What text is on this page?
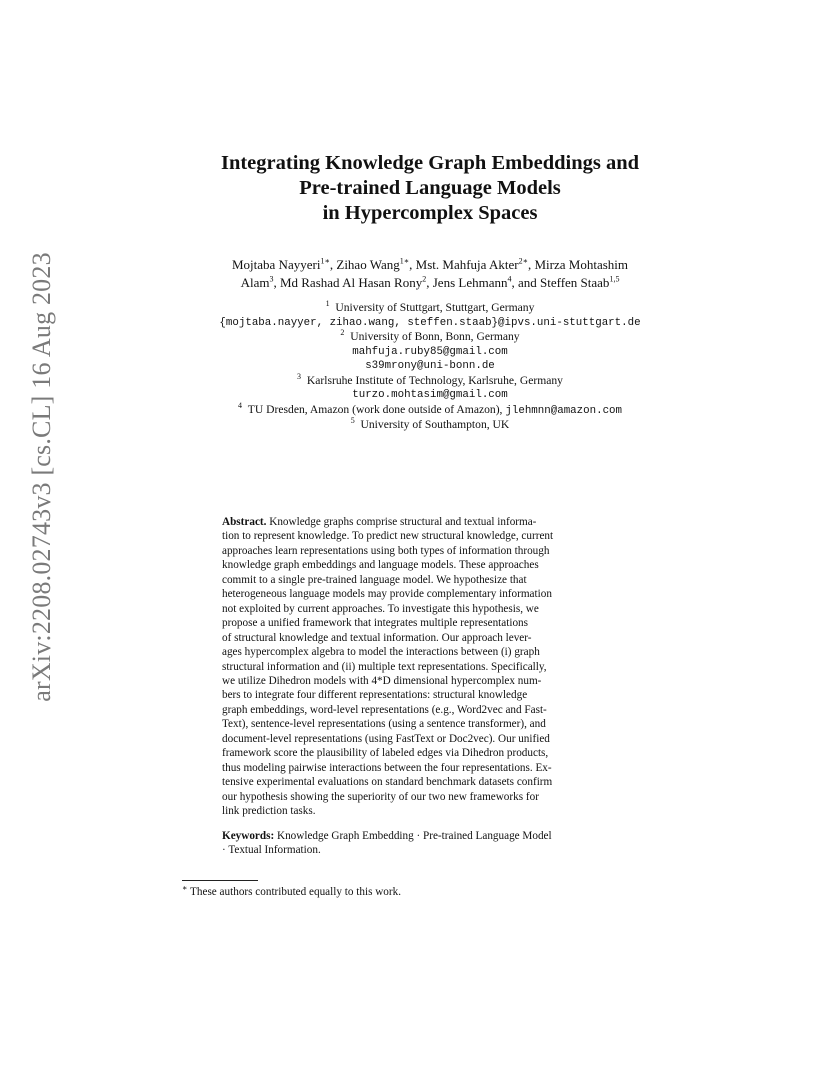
arXiv:2208.02743v3 [cs.CL] 16 Aug 2023
Integrating Knowledge Graph Embeddings and
Pre-trained Language Models
in Hypercomplex Spaces
Mojtaba Nayyeri$^{1∗}$, Zihao Wang$^{1∗}$, Mst. Mahfuja Akter$^{2∗}$, Mirza Mohtashim
Alam$^3$, Md Rashad Al Hasan Rony$^2$, Jens Lehmann$^4$, and Steffen Staab$^{1,5}$
$^1$ University of Stuttgart, Stuttgart, Germany
{mojtaba.nayyer, zihao.wang, steffen.staab}@ipvs.uni-stuttgart.de
$^2$ University of Bonn, Bonn, Germany
mahfuja.ruby85@gmail.com
s39mrony@uni-bonn.de
$^3$ Karlsruhe Institute of Technology, Karlsruhe, Germany
turzo.mohtasim@gmail.com
$^4$ TU Dresden, Amazon (work done outside of Amazon), jlehmnn@amazon.com
$^5$ University of Southampton, UK
Abstract. Knowledge graphs comprise structural and textual informa-
tion to represent knowledge. To predict new structural knowledge, current
approaches learn representations using both types of information through
knowledge graph embeddings and language models. These approaches
commit to a single pre-trained language model. We hypothesize that
heterogeneous language models may provide complementary information
not exploited by current approaches. To investigate this hypothesis, we
propose a unified framework that integrates multiple representations
of structural knowledge and textual information. Our approach lever-
ages hypercomplex algebra to model the interactions between (i) graph
structural information and (ii) multiple text representations. Specifically,
we utilize Dihedron models with 4*D dimensional hypercomplex num-
bers to integrate four different representations: structural knowledge
graph embeddings, word-level representations (e.g., Word2vec and Fast-
Text), sentence-level representations (using a sentence transformer), and
document-level representations (using FastText or Doc2vec). Our unified
framework score the plausibility of labeled edges via Dihedron products,
thus modeling pairwise interactions between the four representations. Ex-
tensive experimental evaluations on standard benchmark datasets confirm
our hypothesis showing the superiority of our two new frameworks for
link prediction tasks.
Keywords: Knowledge Graph Embedding · Pre-trained Language Model
· Textual Information.
∗ These authors contributed equally to this work.
